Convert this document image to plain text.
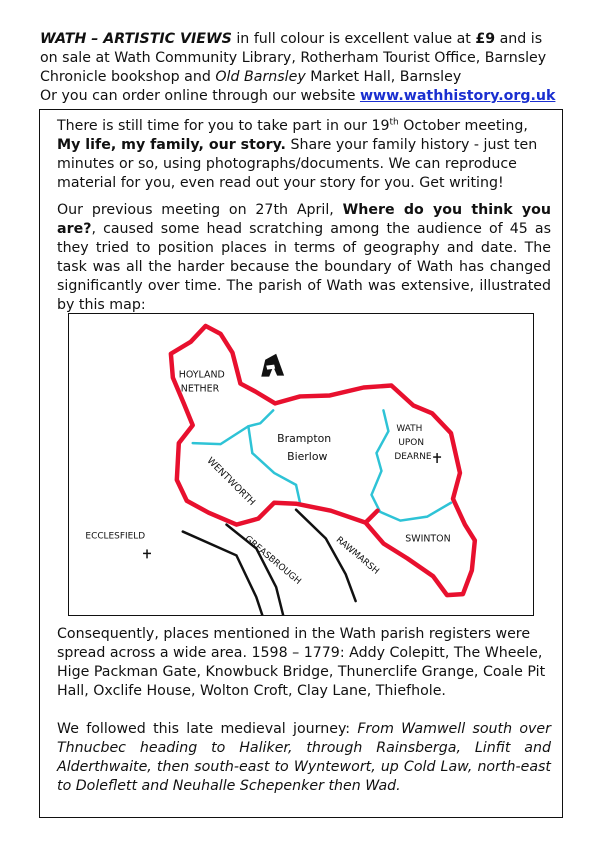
WATH – ARTISTIC VIEWS in full colour is excellent value at £9 and is
on sale at Wath Community Library, Rotherham Tourist Office, Barnsley
Chronicle bookshop and Old Barnsley Market Hall, Barnsley
Or you can order online through our website www.wathhistory.org.uk

There is still time for you to take part in our 19th October meeting,
My life, my family, our story. Share your family history - just ten minutes or so, using photographs/documents. We can reproduce material for you, even read out your story for you. Get writing!

Our previous meeting on 27th April, Where do you think you are?, caused some head scratching among the audience of 45 as they tried to position places in terms of geography and date. The task was all the harder because the boundary of Wath has changed significantly over time. The parish of Wath was extensive, illustrated by this map:

HOYLAND
NETHER
Brampton
Bierlow
WATH
UPON
DEARNE
WENTWORTH
ECCLESFIELD	GREASBROUGH	RAWMARSH	SWINTON

Consequently, places mentioned in the Wath parish registers were spread across a wide area. 1598 – 1779: Addy Colepitt, The Wheele, Hige Packman Gate, Knowbuck Bridge, Thunerclife Grange, Coale Pit Hall, Oxclife House, Wolton Croft, Clay Lane, Thiefhole.

We followed this late medieval journey: From Wamwell south over Thnucbec heading to Haliker, through Rainsberga, Linfit and Alderthwaite, then south-east to Wyntewort, up Cold Law, north-east to Doleflett and Neuhalle Schepenker then Wad.
